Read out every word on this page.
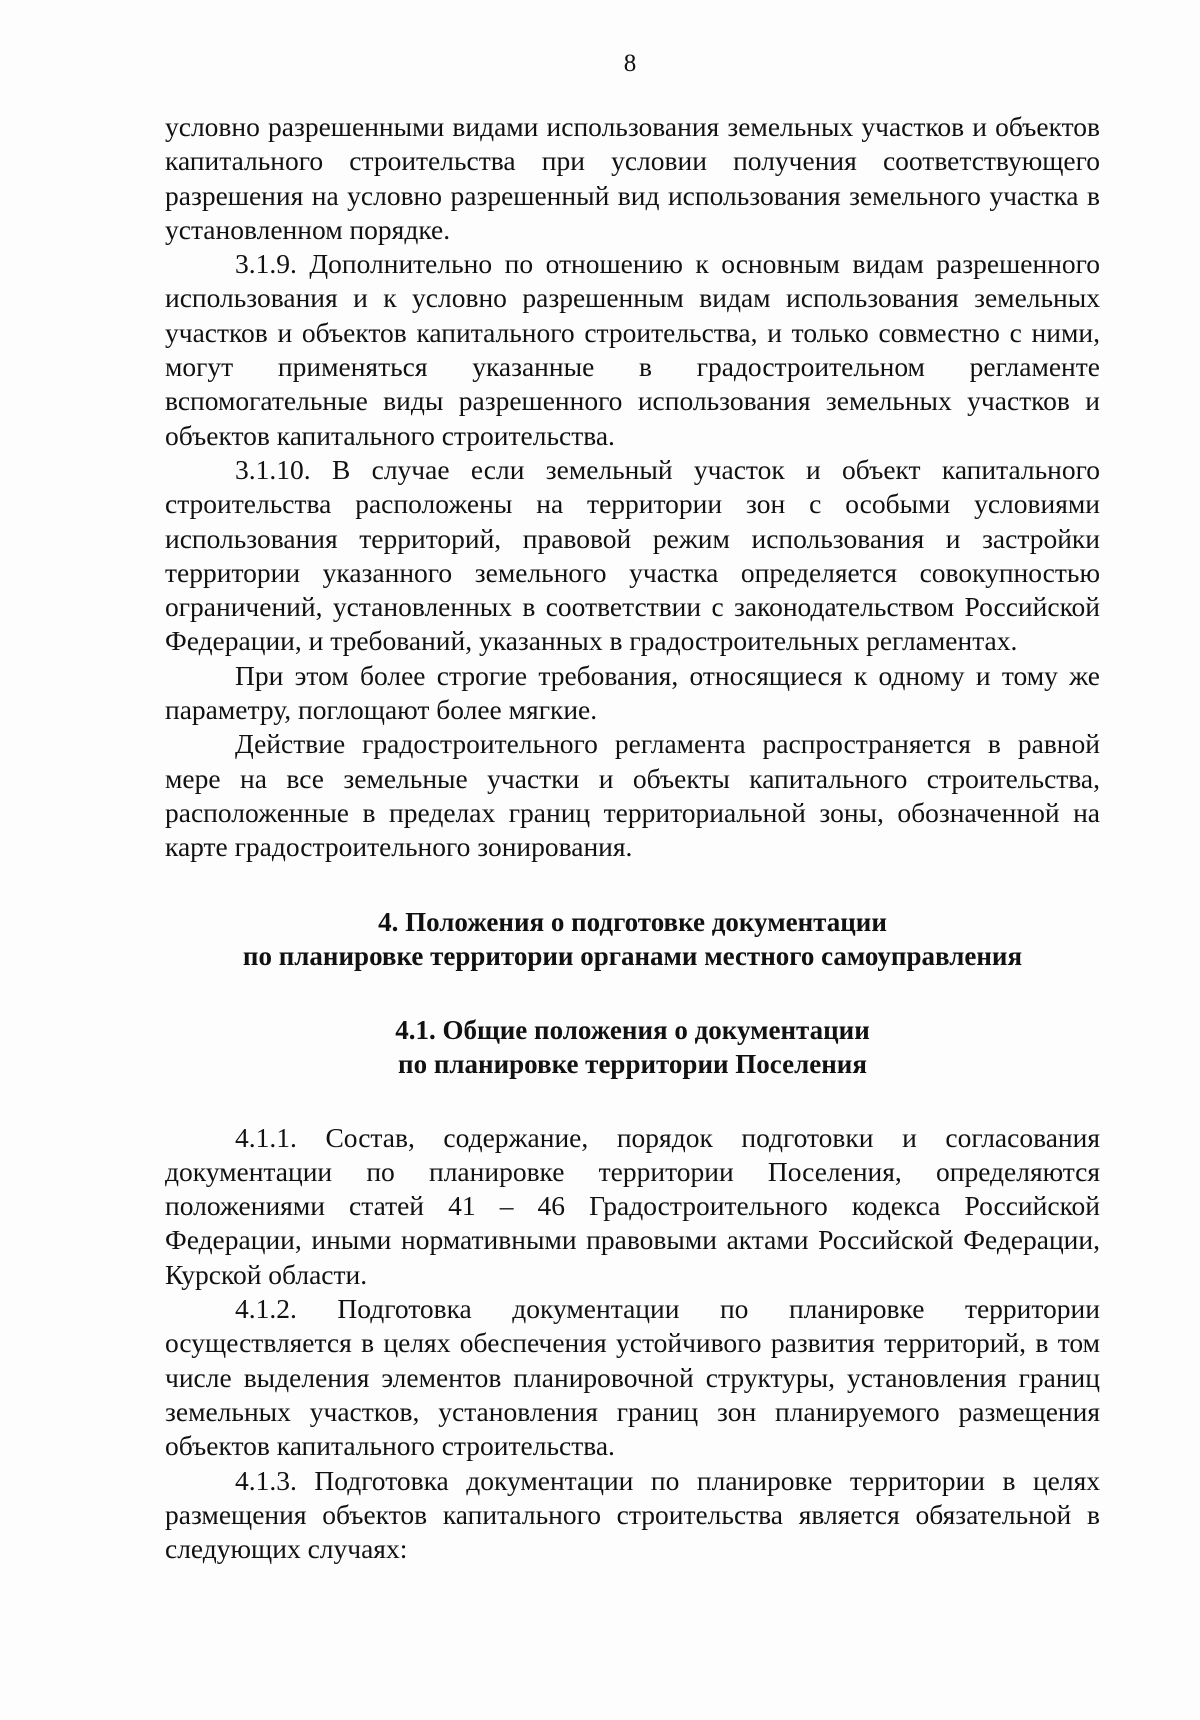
8

условно разрешенными видами использования земельных участков и объектов капитального строительства при условии получения соответствующего разрешения на условно разрешенный вид использования земельного участка в установленном порядке.

3.1.9. Дополнительно по отношению к основным видам разрешенного использования и к условно разрешенным видам использования земельных участков и объектов капитального строительства, и только совместно с ними, могут применяться указанные в градостроительном регламенте вспомогательные виды разрешенного использования земельных участков и объектов капитального строительства.

3.1.10. В случае если земельный участок и объект капитального строительства расположены на территории зон с особыми условиями использования территорий, правовой режим использования и застройки территории указанного земельного участка определяется совокупностью ограничений, установленных в соответствии с законодательством Российской Федерации, и требований, указанных в градостроительных регламентах.

При этом более строгие требования, относящиеся к одному и тому же параметру, поглощают более мягкие.

Действие градостроительного регламента распространяется в равной мере на все земельные участки и объекты капитального строительства, расположенные в пределах границ территориальной зоны, обозначенной на карте градостроительного зонирования.

4. Положения о подготовке документации
по планировке территории органами местного самоуправления
4.1. Общие положения о документации
по планировке территории Поселения

4.1.1. Состав, содержание, порядок подготовки и согласования документации по планировке территории Поселения, определяются положениями статей 41 – 46 Градостроительного кодекса Российской Федерации, иными нормативными правовыми актами Российской Федерации, Курской области.

4.1.2. Подготовка документации по планировке территории осуществляется в целях обеспечения устойчивого развития территорий, в том числе выделения элементов планировочной структуры, установления границ земельных участков, установления границ зон планируемого размещения объектов капитального строительства.

4.1.3. Подготовка документации по планировке территории в целях размещения объектов капитального строительства является обязательной в следующих случаях:
